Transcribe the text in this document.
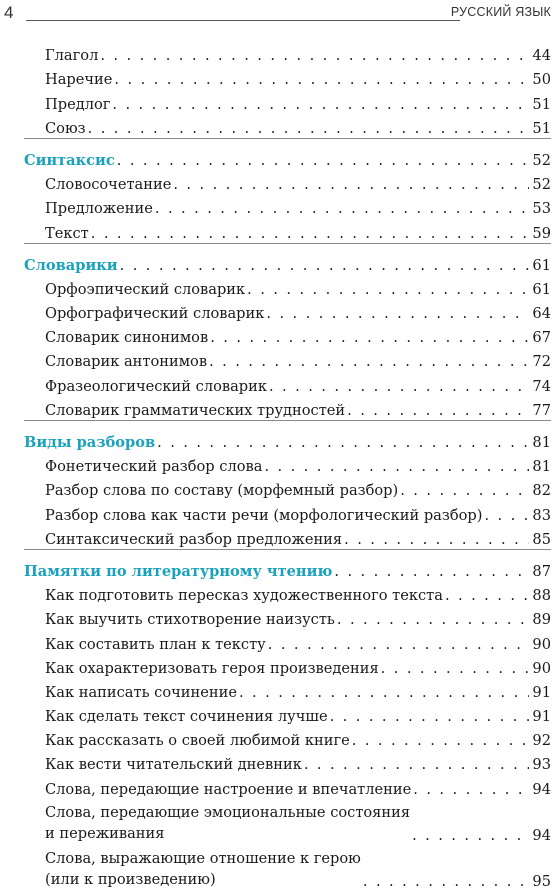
4	РУССКИЙ ЯЗЫК
Глагол . . .	44
Наречие . . .	50
Предлог . . .	51
Союз . . .	51
Синтаксис . . .	52
Словосочетание . . .	52
Предложение . . .	53
Текст . . .	59
Словарики . . .	61
Орфоэпический словарик . . .	61
Орфографический словарик . . .	64
Словарик синонимов . . .	67
Словарик антонимов . . .	72
Фразеологический словарик . . .	74
Словарик грамматических трудностей . . .	77
Виды разборов . . .	81
Фонетический разбор слова . . .	81
Разбор слова по составу (морфемный разбор) . . .	82
Разбор слова как части речи (морфологический разбор) . . .	83
Синтаксический разбор предложения . . .	85
Памятки по литературному чтению . . .	87
Как подготовить пересказ художественного текста . . .	88
Как выучить стихотворение наизусть . . .	89
Как составить план к тексту . . .	90
Как охарактеризовать героя произведения . . .	90
Как написать сочинение . . .	91
Как сделать текст сочинения лучше . . .	91
Как рассказать о своей любимой книге . . .	92
Как вести читательский дневник . . .	93
Слова, передающие настроение и впечатление . . .	94
Слова, передающие эмоциональные состояния
и переживания . . .	94
Слова, выражающие отношение к герою
(или к произведению) . . .	95
